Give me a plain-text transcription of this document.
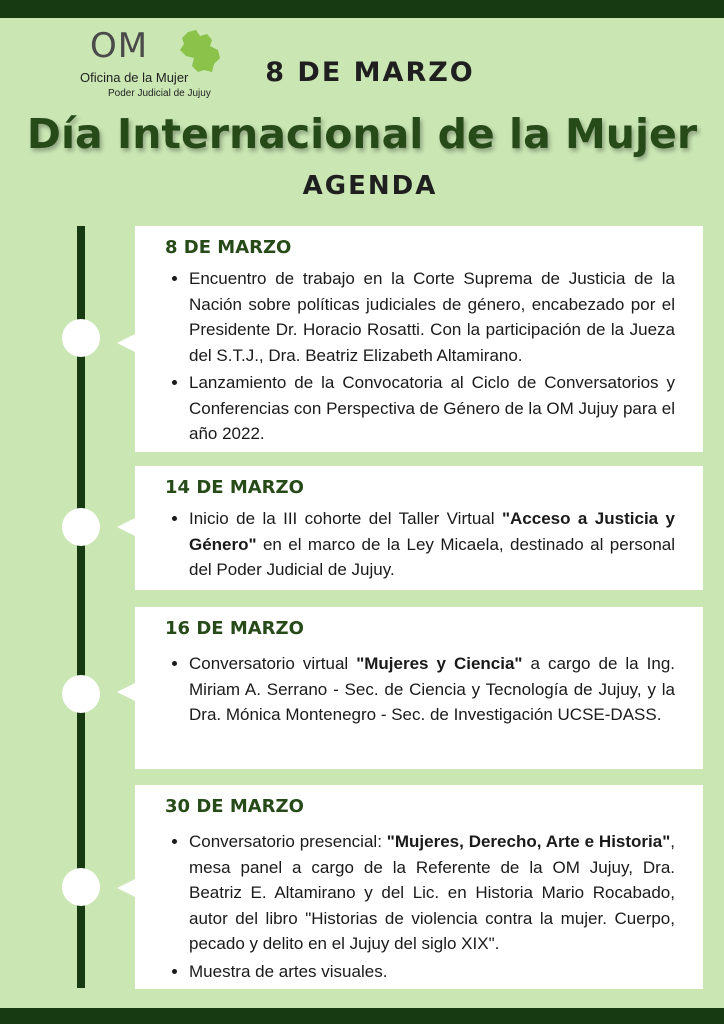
OM
Oficina de la Mujer
Poder Judicial de Jujuy
8 DE MARZO
Día Internacional de la Mujer
AGENDA
8 DE MARZO
• Encuentro de trabajo en la Corte Suprema de Justicia de la Nación sobre políticas judiciales de género, encabezado por el Presidente Dr. Horacio Rosatti. Con la participación de la Jueza del S.T.J., Dra. Beatriz Elizabeth Altamirano.
• Lanzamiento de la Convocatoria al Ciclo de Conversatorios y Conferencias con Perspectiva de Género de la OM Jujuy para el año 2022.
14 DE MARZO
• Inicio de la III cohorte del Taller Virtual "Acceso a Justicia y Género" en el marco de la Ley Micaela, destinado al personal del Poder Judicial de Jujuy.
16 DE MARZO
• Conversatorio virtual "Mujeres y Ciencia" a cargo de la Ing. Miriam A. Serrano - Sec. de Ciencia y Tecnología de Jujuy, y la Dra. Mónica Montenegro - Sec. de Investigación UCSE-DASS.
30 DE MARZO
• Conversatorio presencial: "Mujeres, Derecho, Arte e Historia", mesa panel a cargo de la Referente de la OM Jujuy, Dra. Beatriz E. Altamirano y del Lic. en Historia Mario Rocabado, autor del libro "Historias de violencia contra la mujer. Cuerpo, pecado y delito en el Jujuy del siglo XIX".
• Muestra de artes visuales.
